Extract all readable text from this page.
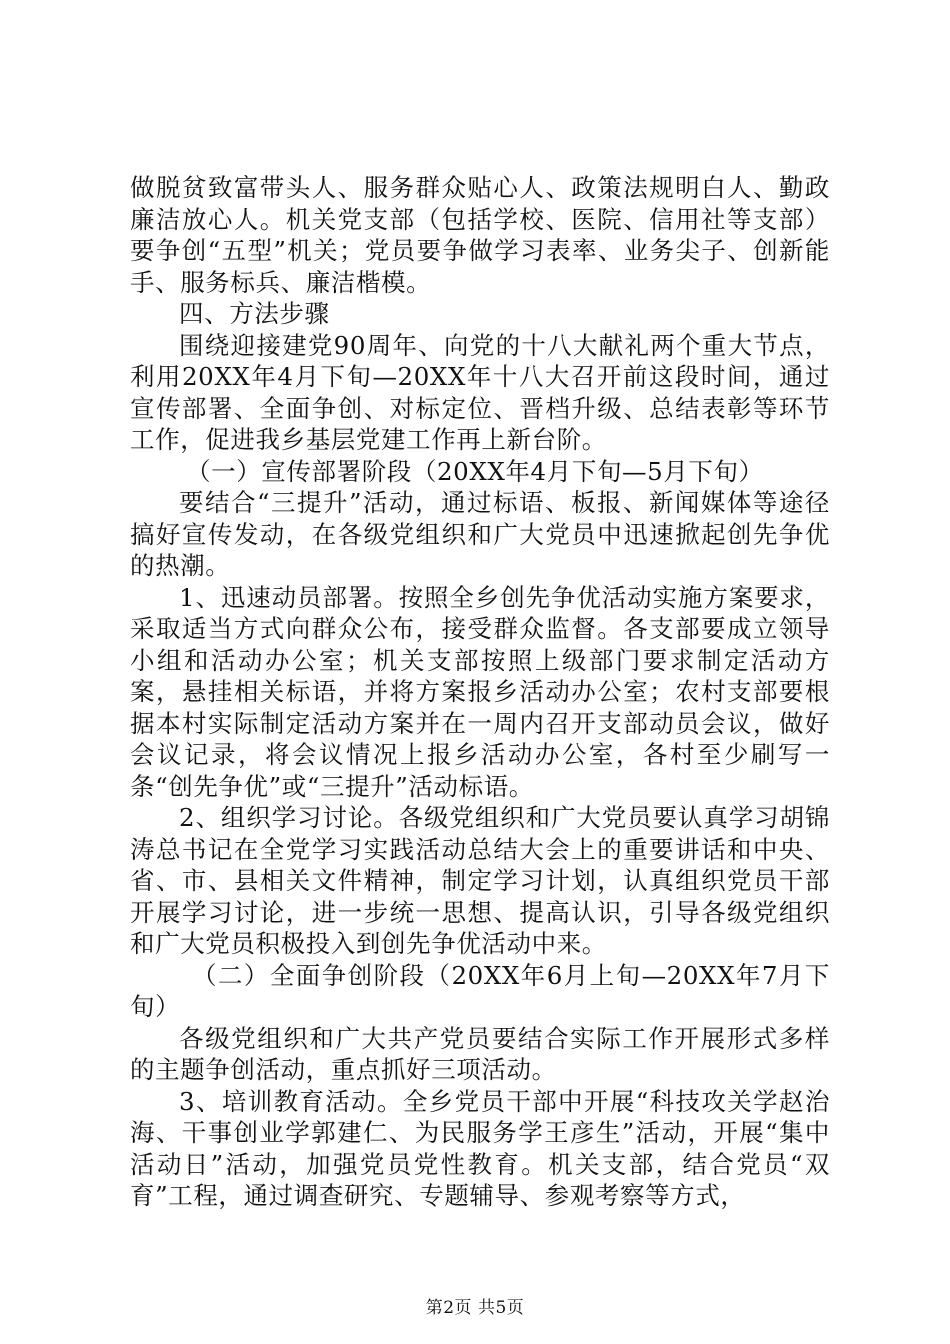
做脱贫致富带头人、服务群众贴心人、政策法规明白人、勤政廉洁放心人。机关党支部（包括学校、医院、信用社等支部）要争创“五型”机关；党员要争做学习表率、业务尖子、创新能手、服务标兵、廉洁楷模。

四、方法步骤

围绕迎接建党90周年、向党的十八大献礼两个重大节点，利用20XX年4月下旬—20XX年十八大召开前这段时间，通过宣传部署、全面争创、对标定位、晋档升级、总结表彰等环节工作，促进我乡基层党建工作再上新台阶。

（一）宣传部署阶段（20XX年4月下旬—5月下旬）

要结合“三提升”活动，通过标语、板报、新闻媒体等途径搞好宣传发动，在各级党组织和广大党员中迅速掀起创先争优的热潮。

1、迅速动员部署。按照全乡创先争优活动实施方案要求，采取适当方式向群众公布，接受群众监督。各支部要成立领导小组和活动办公室；机关支部按照上级部门要求制定活动方案，悬挂相关标语，并将方案报乡活动办公室；农村支部要根据本村实际制定活动方案并在一周内召开支部动员会议，做好会议记录，将会议情况上报乡活动办公室，各村至少刷写一条“创先争优”或“三提升”活动标语。

2、组织学习讨论。各级党组织和广大党员要认真学习胡锦涛总书记在全党学习实践活动总结大会上的重要讲话和中央、省、市、县相关文件精神，制定学习计划，认真组织党员干部开展学习讨论，进一步统一思想、提高认识，引导各级党组织和广大党员积极投入到创先争优活动中来。

（二）全面争创阶段（20XX年6月上旬—20XX年7月下旬）

各级党组织和广大共产党员要结合实际工作开展形式多样的主题争创活动，重点抓好三项活动。

3、培训教育活动。全乡党员干部中开展“科技攻关学赵治海、干事创业学郭建仁、为民服务学王彦生”活动，开展“集中活动日”活动，加强党员党性教育。机关支部，结合党员“双育”工程，通过调查研究、专题辅导、参观考察等方式，

第2页 共5页
